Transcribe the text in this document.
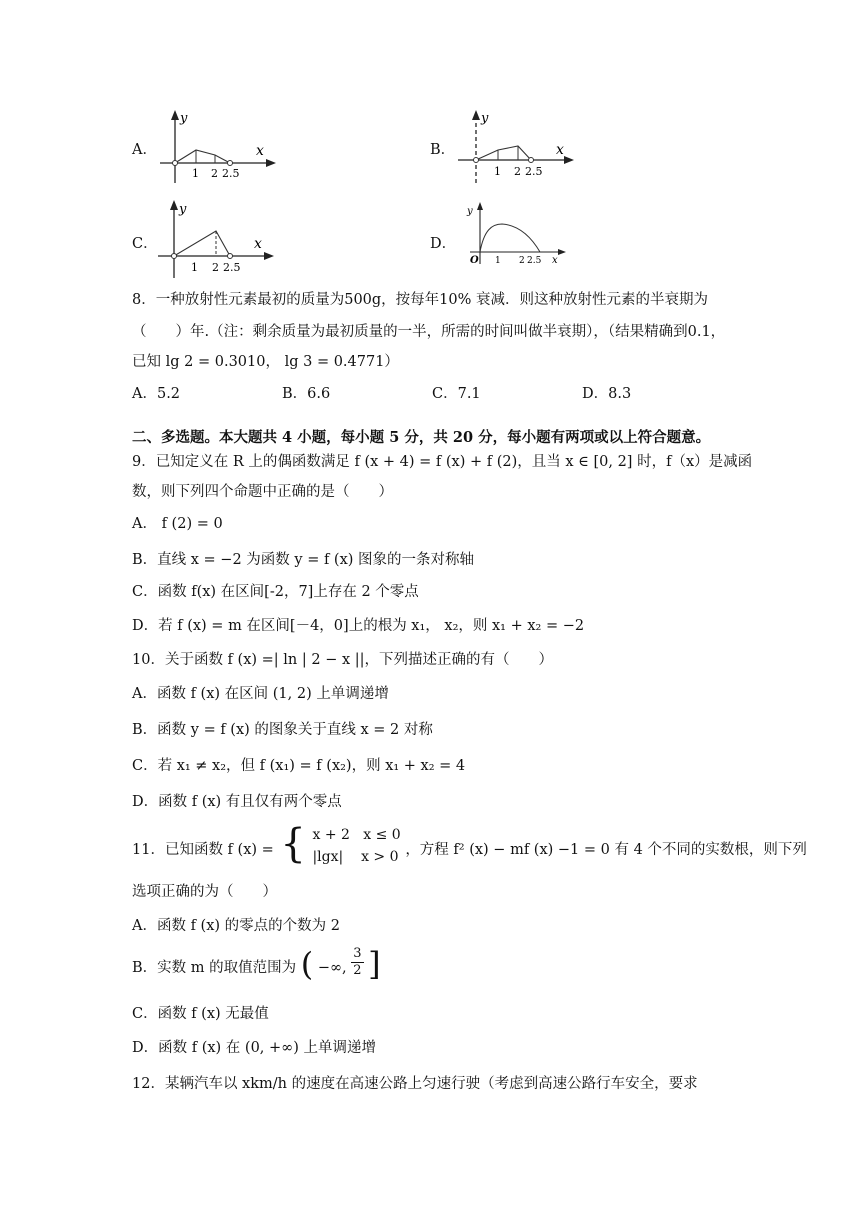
A．
y
x
1 2 2.5
B．
y
x
1 2 2.5
C．
y
x
1 2 2.5
D．
y
O	x
1 2 2.5
8．一种放射性元素最初的质量为500g，按每年10% 衰减．则这种放射性元素的半衰期为
（　　）年.（注：剩余质量为最初质量的一半，所需的时间叫做半衰期），（结果精确到0.1，
已知 lg 2 = 0.3010， lg 3 = 0.4771）
A．5.2	B．6.6	C．7.1	D．8.3
二、多选题。本大题共 4 小题，每小题 5 分，共 20 分，每小题有两项或以上符合题意。
9．已知定义在 R 上的偶函数满足 f (x + 4) = f (x) + f (2)，且当 x ∈ [0, 2] 时，f（x）是减函
数，则下列四个命题中正确的是（　　）
A． f (2) = 0
B．直线 x = −2 为函数 y = f (x) 图象的一条对称轴
C．函数 f(x) 在区间[-2，7]上存在 2 个零点
D．若 f (x) = m 在区间[－4，0]上的根为 x₁， x₂，则 x₁ + x₂ = −2
10．关于函数 f (x) =| ln | 2 − x ||，下列描述正确的有（　　）
A．函数 f (x) 在区间 (1, 2) 上单调递增
B．函数 y = f (x) 的图象关于直线 x = 2 对称
C．若 x₁ ≠ x₂，但 f (x₁) = f (x₂)，则 x₁ + x₂ = 4
D．函数 f (x) 有且仅有两个零点
11．已知函数 f (x) = { x + 2 x ≤ 0
|lgx| x > 0 ，方程 f² (x) − mf (x) −1 = 0 有 4 个不同的实数根，则下列
选项正确的为（　　）
A．函数 f (x) 的零点的个数为 2
B．实数 m 的取值范围为 ( −∞, $\frac{3}{2}$ ]
C．函数 f (x) 无最值
D．函数 f (x) 在 (0, +∞) 上单调递增
12．某辆汽车以 xkm/h 的速度在高速公路上匀速行驶（考虑到高速公路行车安全，要求
